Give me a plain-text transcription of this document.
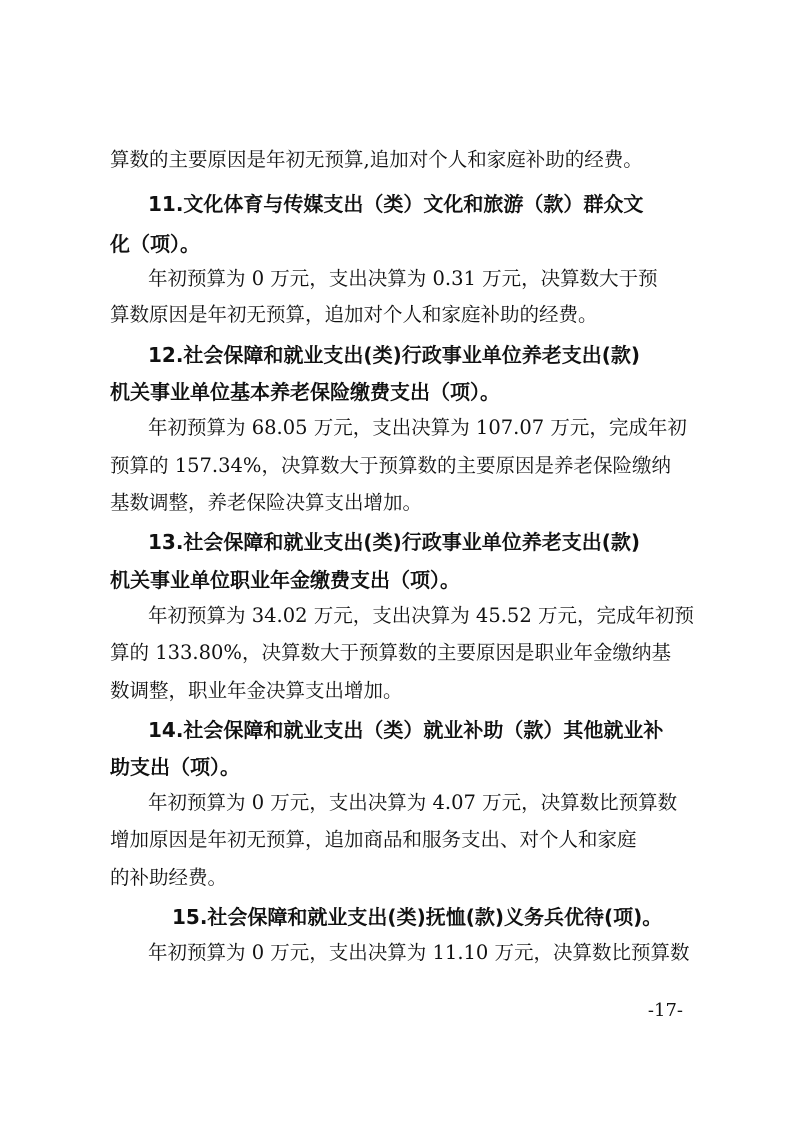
算数的主要原因是年初无预算,追加对个人和家庭补助的经费。
11.文化体育与传媒支出（类）文化和旅游（款）群众文
化（项）。
年初预算为 0 万元，支出决算为 0.31 万元，决算数大于预
算数原因是年初无预算，追加对个人和家庭补助的经费。
12.社会保障和就业支出(类)行政事业单位养老支出(款)
机关事业单位基本养老保险缴费支出（项）。
年初预算为 68.05 万元，支出决算为 107.07 万元，完成年初
预算的 157.34%，决算数大于预算数的主要原因是养老保险缴纳
基数调整，养老保险决算支出增加。
13.社会保障和就业支出(类)行政事业单位养老支出(款)
机关事业单位职业年金缴费支出（项）。
年初预算为 34.02 万元，支出决算为 45.52 万元，完成年初预
算的 133.80%，决算数大于预算数的主要原因是职业年金缴纳基
数调整，职业年金决算支出增加。
14.社会保障和就业支出（类）就业补助（款）其他就业补
助支出（项）。
年初预算为 0 万元，支出决算为 4.07 万元，决算数比预算数
增加原因是年初无预算，追加商品和服务支出、对个人和家庭
的补助经费。
15.社会保障和就业支出(类)抚恤(款)义务兵优待(项)。
年初预算为 0 万元，支出决算为 11.10 万元，决算数比预算数
-17-
